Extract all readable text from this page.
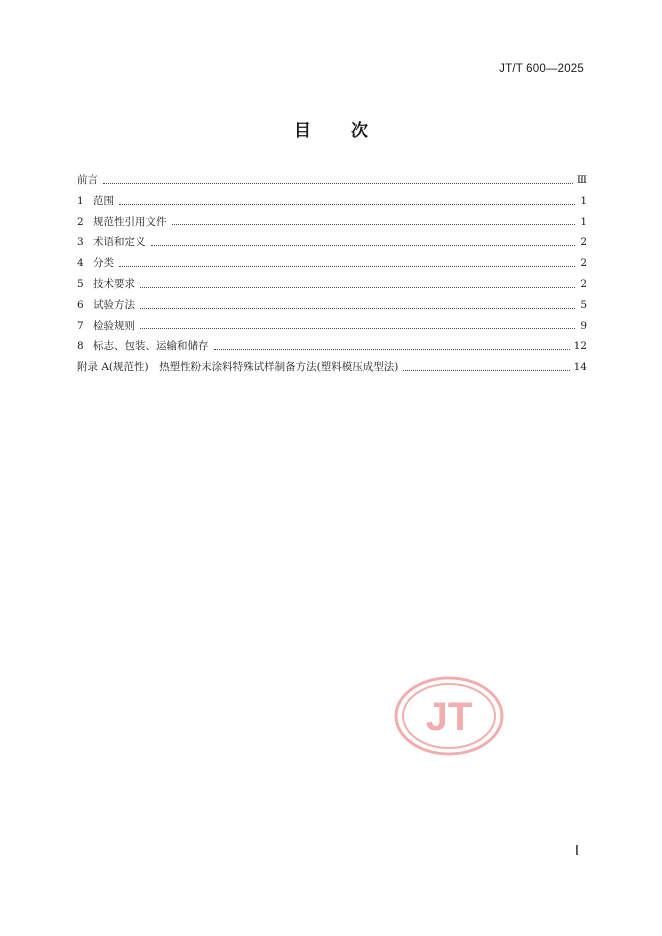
JT/T 600—2025
目次
前言	Ⅲ
1 范围	1
2 规范性引用文件	1
3 术语和定义	2
4 分类	2
5 技术要求	2
6 试验方法	5
7 检验规则	9
8 标志、包装、运输和储存	12
附录 A(规范性)　热塑性粉末涂料特殊试样制备方法(塑料模压成型法)	14
JT
Ⅰ
